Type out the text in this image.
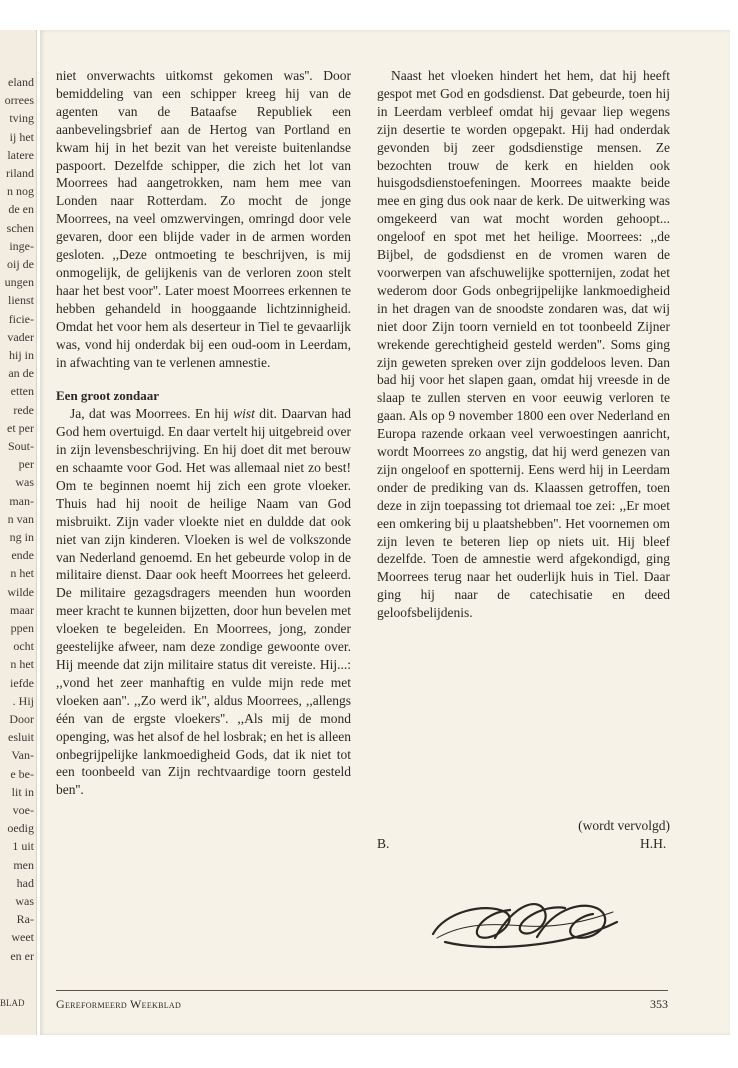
eland
orrees
tving
ij het
latere
riland
n nog
de en
schen
inge-
oij de
ungen
lienst
ficie-
vader
hij in
an de
etten
rede
et per
Sout-
per
was
man-
n van
ng in
ende
n het
wilde
maar
ppen
ocht
n het
iefde
. Hij
Door
esluit
Van-
e be-
lit in
voe-
oedig
1 uit
men
had
was
Ra-
weet
en er
BLAD

niet onverwachts uitkomst gekomen was''. Door bemiddeling van een schipper kreeg hij van de agenten van de Bataafse Republiek een aanbevelingsbrief aan de Hertog van Portland en kwam hij in het bezit van het vereiste buitenlandse paspoort. Dezelfde schipper, die zich het lot van Moorrees had aangetrokken, nam hem mee van Londen naar Rotterdam. Zo mocht de jonge Moorrees, na veel omzwervingen, omringd door vele gevaren, door een blijde vader in de armen worden gesloten. ,,Deze ontmoeting te beschrijven, is mij onmogelijk, de gelijkenis van de verloren zoon stelt haar het best voor''. Later moest Moorrees erkennen te hebben gehandeld in hooggaande lichtzinnigheid. Omdat het voor hem als deserteur in Tiel te gevaarlijk was, vond hij onderdak bij een oud-oom in Leerdam, in afwachting van te verlenen amnestie.

Een groot zondaar

Ja, dat was Moorrees. En hij wist dit. Daarvan had God hem overtuigd. En daar vertelt hij uitgebreid over in zijn levensbeschrijving. En hij doet dit met berouw en schaamte voor God. Het was allemaal niet zo best! Om te beginnen noemt hij zich een grote vloeker. Thuis had hij nooit de heilige Naam van God misbruikt. Zijn vader vloekte niet en duldde dat ook niet van zijn kinderen. Vloeken is wel de volkszonde van Nederland genoemd. En het gebeurde volop in de militaire dienst. Daar ook heeft Moorrees het geleerd. De militaire gezagsdragers meenden hun woorden meer kracht te kunnen bijzetten, door hun bevelen met vloeken te begeleiden. En Moorrees, jong, zonder geestelijke afweer, nam deze zondige gewoonte over. Hij meende dat zijn militaire status dit vereiste. Hij...: ,,vond het zeer manhaftig en vulde mijn rede met vloeken aan''. ,,Zo werd ik'', aldus Moorrees, ,,allengs één van de ergste vloekers''. ,,Als mij de mond openging, was het alsof de hel losbrak; en het is alleen onbegrijpelijke lankmoedigheid Gods, dat ik niet tot een toonbeeld van Zijn rechtvaardige toorn gesteld ben''.

Naast het vloeken hindert het hem, dat hij heeft gespot met God en godsdienst. Dat gebeurde, toen hij in Leerdam verbleef omdat hij gevaar liep wegens zijn desertie te worden opgepakt. Hij had onderdak gevonden bij zeer godsdienstige mensen. Ze bezochten trouw de kerk en hielden ook huisgodsdienstoefeningen. Moorrees maakte beide mee en ging dus ook naar de kerk. De uitwerking was omgekeerd van wat mocht worden gehoopt... ongeloof en spot met het heilige. Moorrees: ,,de Bijbel, de godsdienst en de vromen waren de voorwerpen van afschuwelijke spotternijen, zodat het wederom door Gods onbegrijpelijke lankmoedigheid in het dragen van de snoodste zondaren was, dat wij niet door Zijn toorn vernield en tot toonbeeld Zijner wrekende gerechtigheid gesteld werden''. Soms ging zijn geweten spreken over zijn goddeloos leven. Dan bad hij voor het slapen gaan, omdat hij vreesde in de slaap te zullen sterven en voor eeuwig verloren te gaan. Als op 9 november 1800 een over Nederland en Europa razende orkaan veel verwoestingen aanricht, wordt Moorrees zo angstig, dat hij werd genezen van zijn ongeloof en spotternij. Eens werd hij in Leerdam onder de prediking van ds. Klaassen getroffen, toen deze in zijn toepassing tot driemaal toe zei: ,,Er moet een omkering bij u plaatshebben''. Het voornemen om zijn leven te beteren liep op niets uit. Hij bleef dezelfde. Toen de amnestie werd afgekondigd, ging Moorrees terug naar het ouderlijk huis in Tiel. Daar ging hij naar de catechisatie en deed geloofsbelijdenis.

(wordt vervolgd)
B.	H.H.
Gereformeerd Weekblad	353
